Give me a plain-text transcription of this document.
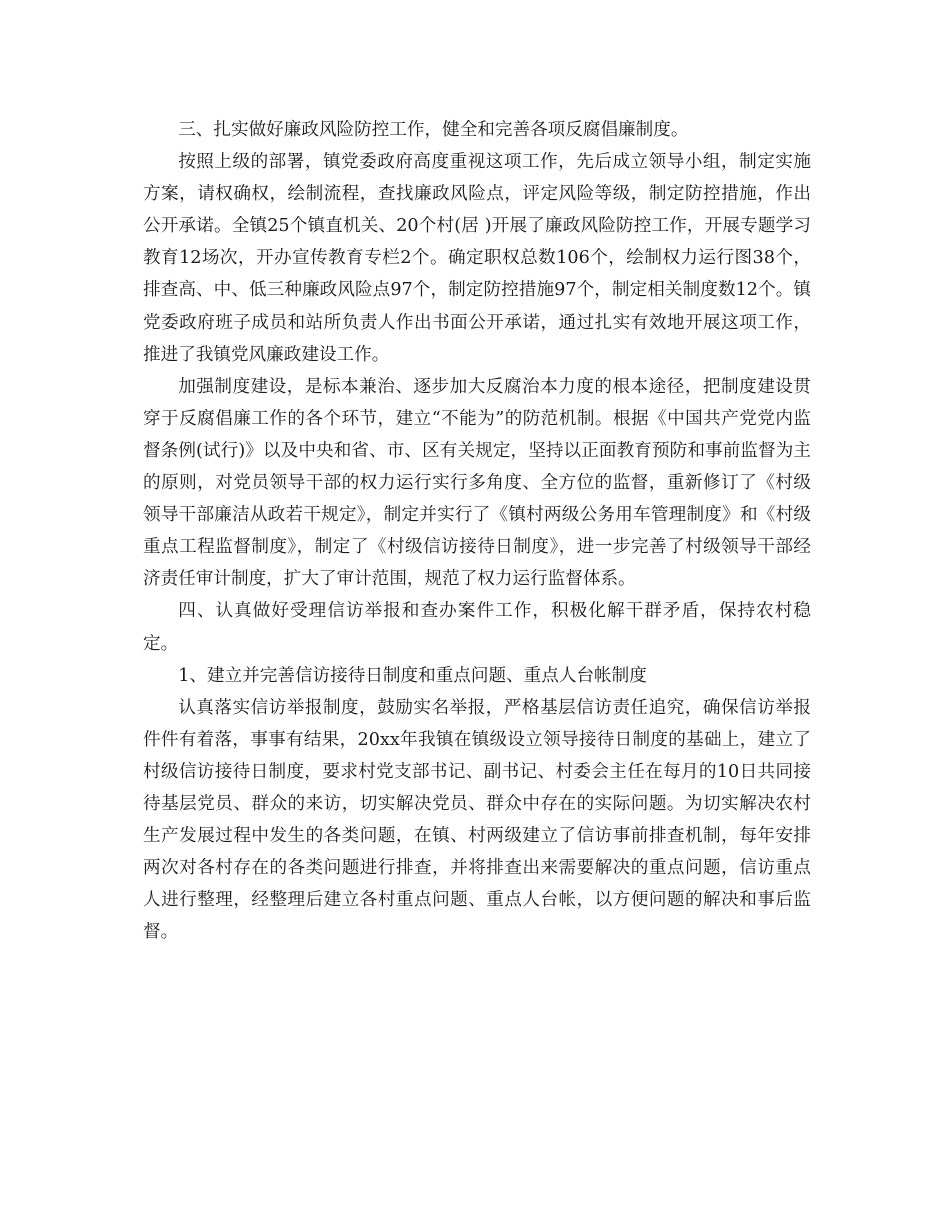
三、扎实做好廉政风险防控工作，健全和完善各项反腐倡廉制度。

按照上级的部署，镇党委政府高度重视这项工作，先后成立领导小组，制定实施方案，请权确权，绘制流程，查找廉政风险点，评定风险等级，制定防控措施，作出公开承诺。全镇25个镇直机关、20个村(居 )开展了廉政风险防控工作，开展专题学习教育12场次，开办宣传教育专栏2个。确定职权总数106个，绘制权力运行图38个，排查高、中、低三种廉政风险点97个，制定防控措施97个，制定相关制度数12个。镇党委政府班子成员和站所负责人作出书面公开承诺，通过扎实有效地开展这项工作，推进了我镇党风廉政建设工作。

加强制度建设，是标本兼治、逐步加大反腐治本力度的根本途径，把制度建设贯穿于反腐倡廉工作的各个环节，建立“不能为”的防范机制。根据《中国共产党党内监督条例(试行)》以及中央和省、市、区有关规定，坚持以正面教育预防和事前监督为主的原则，对党员领导干部的权力运行实行多角度、全方位的监督，重新修订了《村级领导干部廉洁从政若干规定》，制定并实行了《镇村两级公务用车管理制度》和《村级重点工程监督制度》，制定了《村级信访接待日制度》，进一步完善了村级领导干部经济责任审计制度，扩大了审计范围，规范了权力运行监督体系。

四、认真做好受理信访举报和查办案件工作，积极化解干群矛盾，保持农村稳定。

1、建立并完善信访接待日制度和重点问题、重点人台帐制度

认真落实信访举报制度，鼓励实名举报，严格基层信访责任追究，确保信访举报件件有着落，事事有结果，20xx年我镇在镇级设立领导接待日制度的基础上，建立了村级信访接待日制度，要求村党支部书记、副书记、村委会主任在每月的10日共同接待基层党员、群众的来访，切实解决党员、群众中存在的实际问题。为切实解决农村生产发展过程中发生的各类问题，在镇、村两级建立了信访事前排查机制，每年安排两次对各村存在的各类问题进行排查，并将排查出来需要解决的重点问题，信访重点人进行整理，经整理后建立各村重点问题、重点人台帐，以方便问题的解决和事后监督。
